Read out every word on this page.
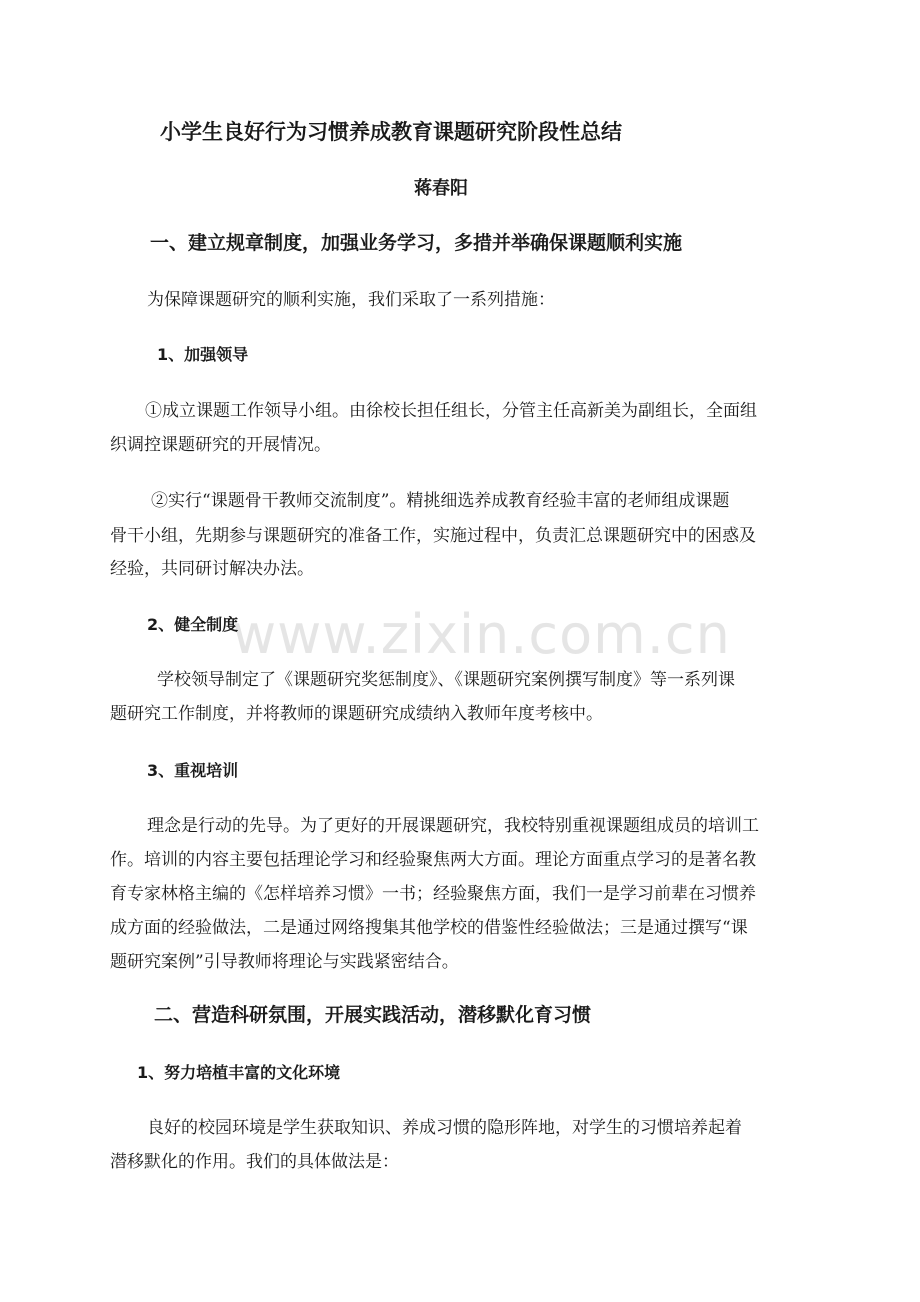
www.zixin.com.cn
小学生良好行为习惯养成教育课题研究阶段性总结
蒋春阳
一、建立规章制度，加强业务学习，多措并举确保课题顺利实施
为保障课题研究的顺利实施，我们采取了一系列措施：
1、加强领导
①成立课题工作领导小组。由徐校长担任组长，分管主任高新美为副组长，全面组
织调控课题研究的开展情况。
②实行“课题骨干教师交流制度”。精挑细选养成教育经验丰富的老师组成课题
骨干小组，先期参与课题研究的准备工作，实施过程中，负责汇总课题研究中的困惑及
经验，共同研讨解决办法。
2、健全制度
学校领导制定了《课题研究奖惩制度》、《课题研究案例撰写制度》等一系列课
题研究工作制度，并将教师的课题研究成绩纳入教师年度考核中。
3、重视培训
理念是行动的先导。为了更好的开展课题研究，我校特别重视课题组成员的培训工
作。培训的内容主要包括理论学习和经验聚焦两大方面。理论方面重点学习的是著名教
育专家林格主编的《怎样培养习惯》一书；经验聚焦方面，我们一是学习前辈在习惯养
成方面的经验做法，二是通过网络搜集其他学校的借鉴性经验做法；三是通过撰写“课
题研究案例”引导教师将理论与实践紧密结合。
二、营造科研氛围，开展实践活动，潜移默化育习惯
1、努力培植丰富的文化环境
良好的校园环境是学生获取知识、养成习惯的隐形阵地，对学生的习惯培养起着
潜移默化的作用。我们的具体做法是：
